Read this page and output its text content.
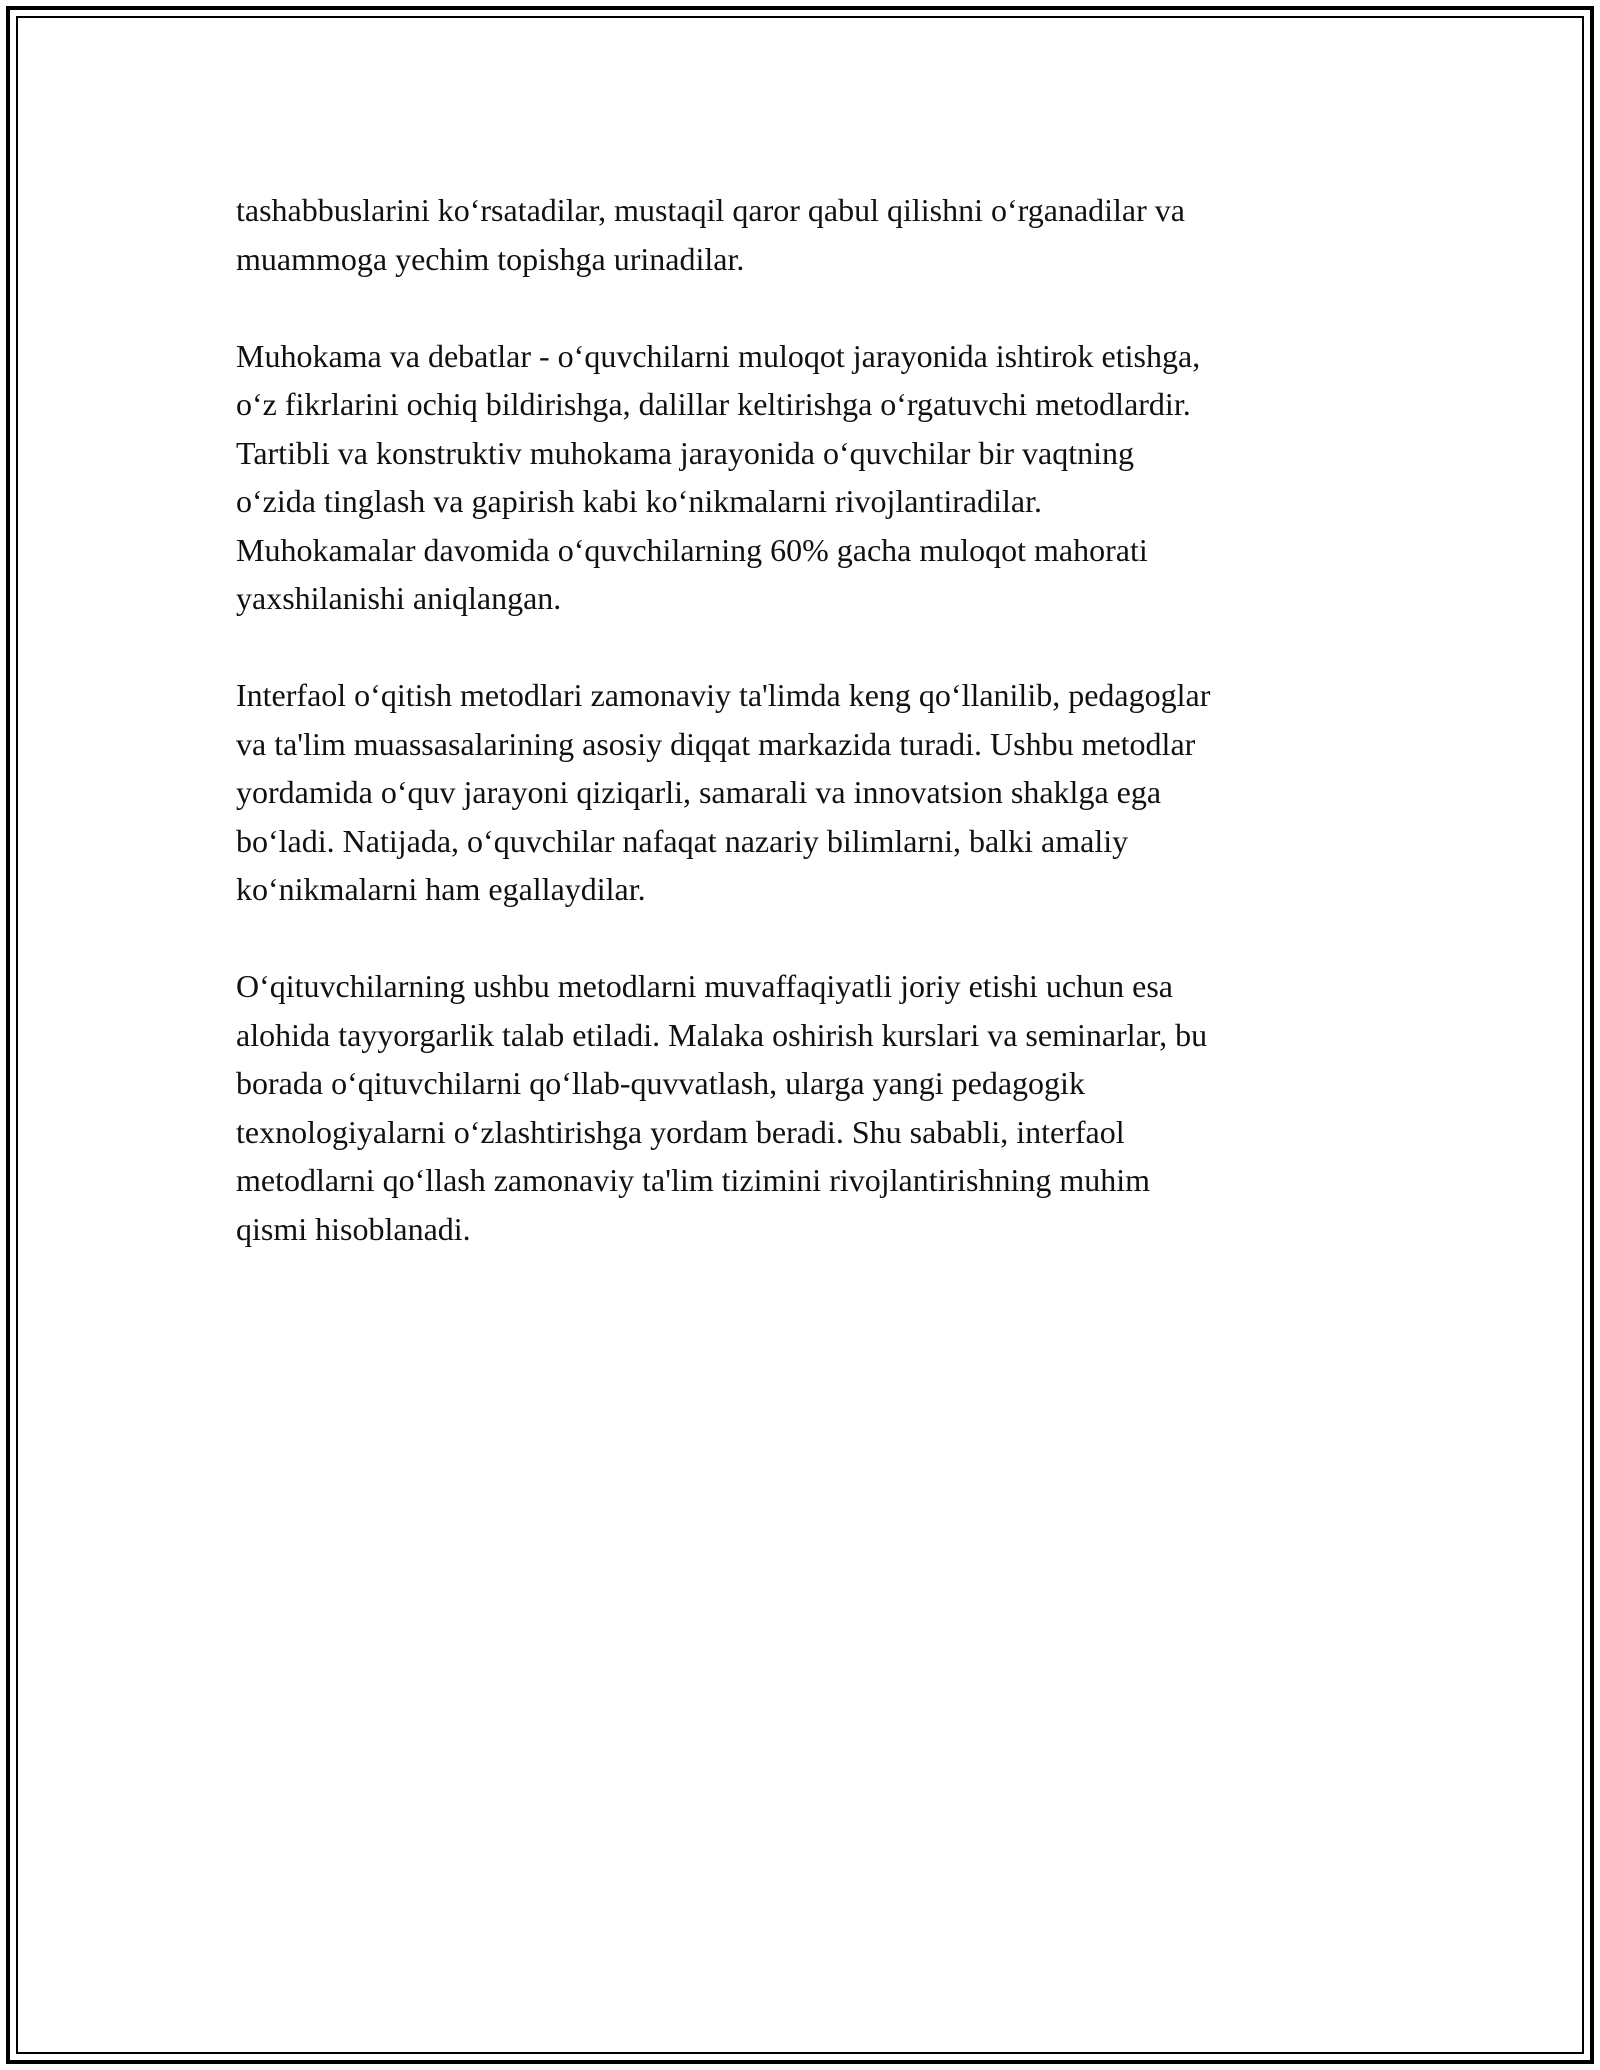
tashabbuslarini ko‘rsatadilar, mustaqil qaror qabul qilishni o‘rganadilar va
muammoga yechim topishga urinadilar.

Muhokama va debatlar - o‘quvchilarni muloqot jarayonida ishtirok etishga,
o‘z fikrlarini ochiq bildirishga, dalillar keltirishga o‘rgatuvchi metodlardir.
Tartibli va konstruktiv muhokama jarayonida o‘quvchilar bir vaqtning
o‘zida tinglash va gapirish kabi ko‘nikmalarni rivojlantiradilar.
Muhokamalar davomida o‘quvchilarning 60% gacha muloqot mahorati
yaxshilanishi aniqlangan.

Interfaol o‘qitish metodlari zamonaviy ta'limda keng qo‘llanilib, pedagoglar
va ta'lim muassasalarining asosiy diqqat markazida turadi. Ushbu metodlar
yordamida o‘quv jarayoni qiziqarli, samarali va innovatsion shaklga ega
bo‘ladi. Natijada, o‘quvchilar nafaqat nazariy bilimlarni, balki amaliy
ko‘nikmalarni ham egallaydilar.

O‘qituvchilarning ushbu metodlarni muvaffaqiyatli joriy etishi uchun esa
alohida tayyorgarlik talab etiladi. Malaka oshirish kurslari va seminarlar, bu
borada o‘qituvchilarni qo‘llab-quvvatlash, ularga yangi pedagogik
texnologiyalarni o‘zlashtirishga yordam beradi. Shu sababli, interfaol
metodlarni qo‘llash zamonaviy ta'lim tizimini rivojlantirishning muhim
qismi hisoblanadi.
